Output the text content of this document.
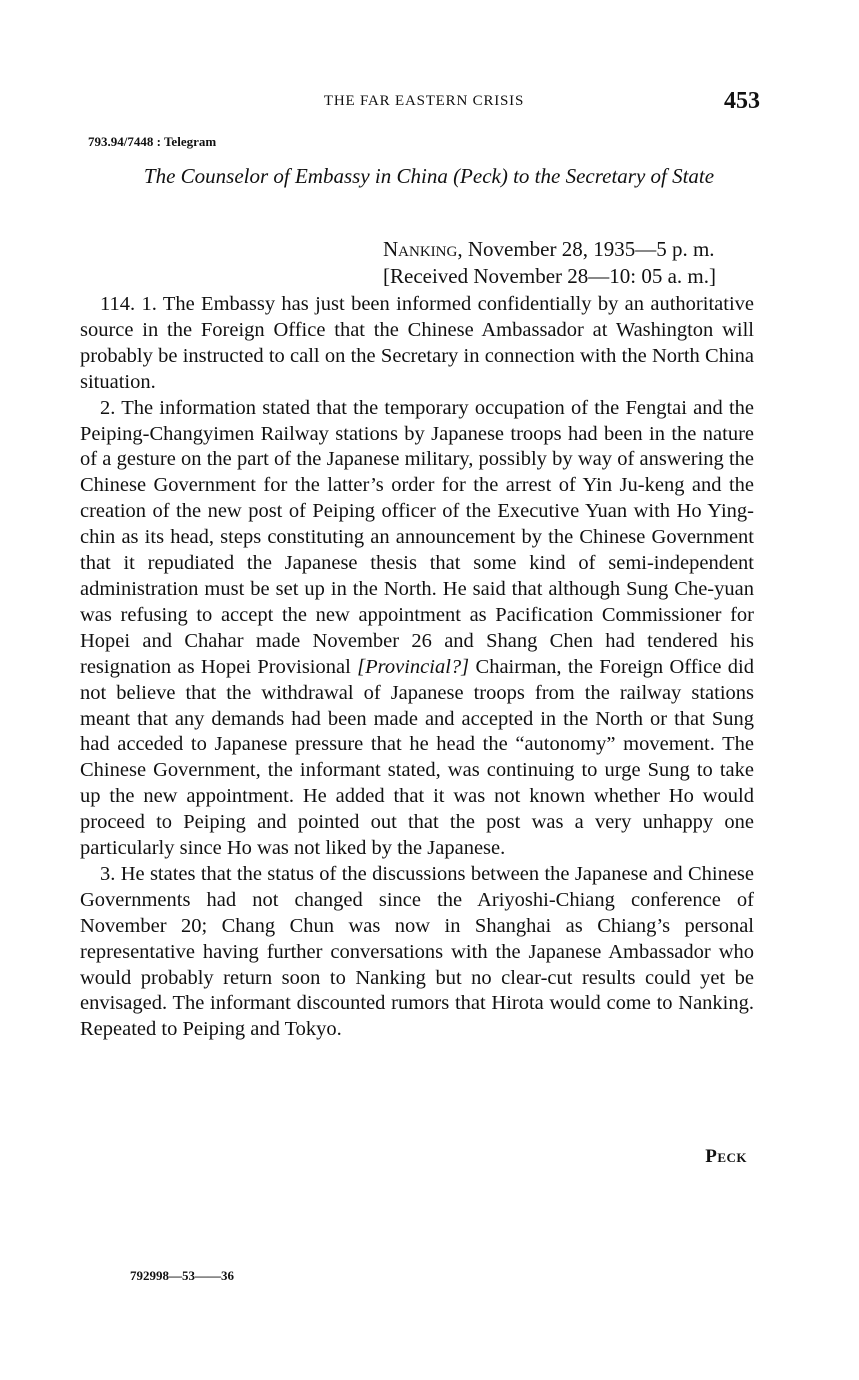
THE FAR EASTERN CRISIS	453
793.94/7448 : Telegram
The Counselor of Embassy in China (Peck) to the Secretary of State
Nanking, November 28, 1935—5 p. m.
[Received November 28—10: 05 a. m.]

114. 1. The Embassy has just been informed confidentially by an authoritative source in the Foreign Office that the Chinese Ambassador at Washington will probably be instructed to call on the Secretary in connection with the North China situation.

2. The information stated that the temporary occupation of the Fengtai and the Peiping-Changyimen Railway stations by Japanese troops had been in the nature of a gesture on the part of the Japanese military, possibly by way of answering the Chinese Government for the latter’s order for the arrest of Yin Ju-keng and the creation of the new post of Peiping officer of the Executive Yuan with Ho Ying-chin as its head, steps constituting an announcement by the Chinese Government that it repudiated the Japanese thesis that some kind of semi-independent administration must be set up in the North. He said that although Sung Che-yuan was refusing to accept the new appointment as Pacification Commissioner for Hopei and Chahar made November 26 and Shang Chen had tendered his resignation as Hopei Provisional [Provincial?] Chairman, the Foreign Office did not believe that the withdrawal of Japanese troops from the railway stations meant that any demands had been made and accepted in the North or that Sung had acceded to Japanese pressure that he head the “autonomy” movement. The Chinese Government, the informant stated, was continuing to urge Sung to take up the new appointment. He added that it was not known whether Ho would proceed to Peiping and pointed out that the post was a very unhappy one particularly since Ho was not liked by the Japanese.

3. He states that the status of the discussions between the Japanese and Chinese Governments had not changed since the Ariyoshi-Chiang conference of November 20; Chang Chun was now in Shanghai as Chiang’s personal representative having further conversations with the Japanese Ambassador who would probably return soon to Nanking but no clear-cut results could yet be envisaged. The informant discounted rumors that Hirota would come to Nanking. Repeated to Peiping and Tokyo.

Peck
792998—53——36
